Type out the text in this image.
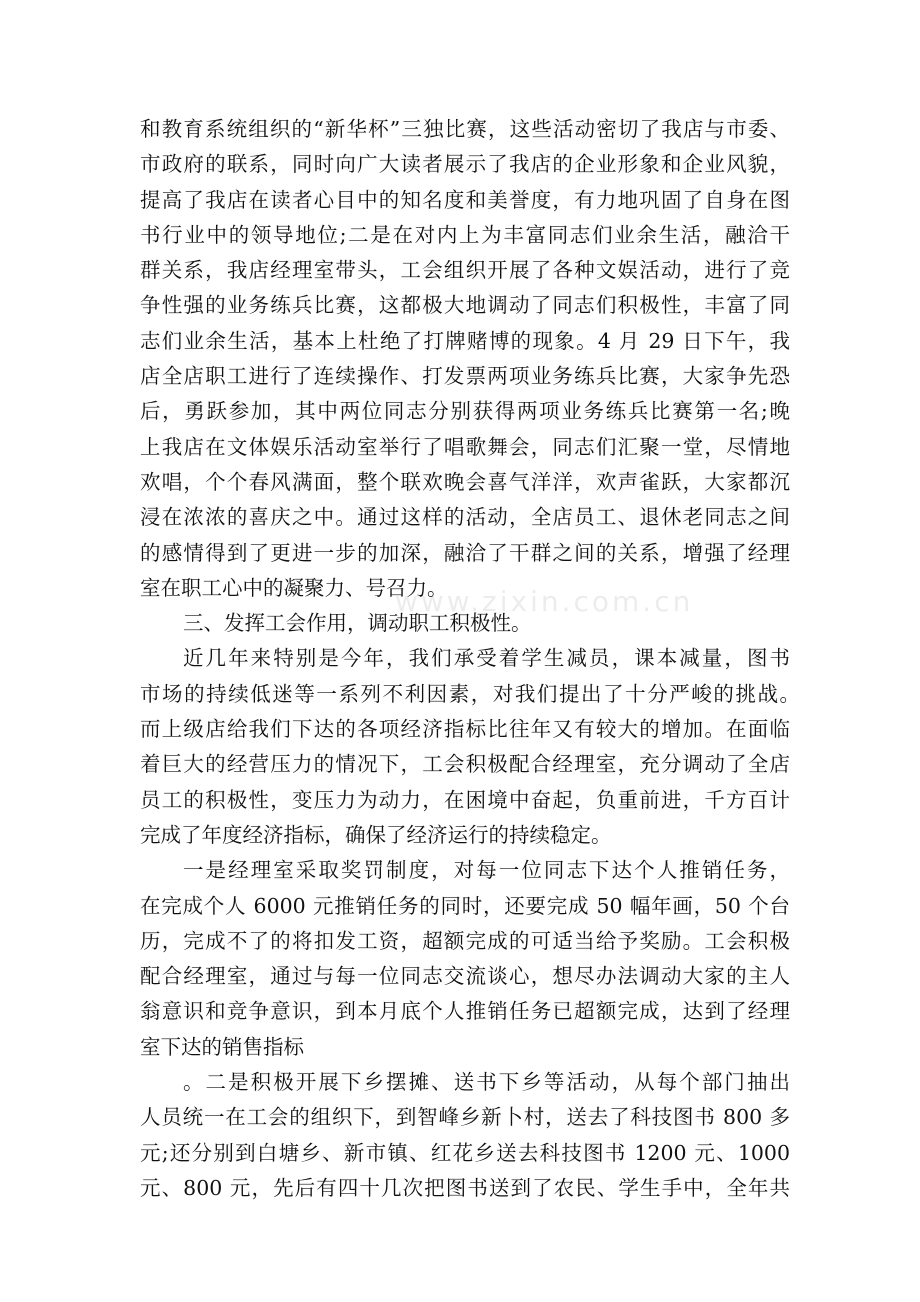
和教育系统组织的“新华杯”三独比赛，这些活动密切了我店与市委、
市政府的联系，同时向广大读者展示了我店的企业形象和企业风貌，
提高了我店在读者心目中的知名度和美誉度，有力地巩固了自身在图
书行业中的领导地位;二是在对内上为丰富同志们业余生活，融洽干
群关系，我店经理室带头，工会组织开展了各种文娱活动，进行了竞
争性强的业务练兵比赛，这都极大地调动了同志们积极性，丰富了同
志们业余生活，基本上杜绝了打牌赌博的现象。4 月 29 日下午，我
店全店职工进行了连续操作、打发票两项业务练兵比赛，大家争先恐
后，勇跃参加，其中两位同志分别获得两项业务练兵比赛第一名;晚
上我店在文体娱乐活动室举行了唱歌舞会，同志们汇聚一堂，尽情地
欢唱，个个春风满面，整个联欢晚会喜气洋洋，欢声雀跃，大家都沉
浸在浓浓的喜庆之中。通过这样的活动，全店员工、退休老同志之间
的感情得到了更进一步的加深，融洽了干群之间的关系，增强了经理
室在职工心中的凝聚力、号召力。
三、发挥工会作用，调动职工积极性。
近几年来特别是今年，我们承受着学生减员，课本减量，图书
市场的持续低迷等一系列不利因素，对我们提出了十分严峻的挑战。
而上级店给我们下达的各项经济指标比往年又有较大的增加。在面临
着巨大的经营压力的情况下，工会积极配合经理室，充分调动了全店
员工的积极性，变压力为动力，在困境中奋起，负重前进，千方百计
完成了年度经济指标，确保了经济运行的持续稳定。
一是经理室采取奖罚制度，对每一位同志下达个人推销任务，
在完成个人 6000 元推销任务的同时，还要完成 50 幅年画，50 个台
历，完成不了的将扣发工资，超额完成的可适当给予奖励。工会积极
配合经理室，通过与每一位同志交流谈心，想尽办法调动大家的主人
翁意识和竞争意识，到本月底个人推销任务已超额完成，达到了经理
室下达的销售指标
。二是积极开展下乡摆摊、送书下乡等活动，从每个部门抽出
人员统一在工会的组织下，到智峰乡新卜村，送去了科技图书 800 多
元;还分别到白塘乡、新市镇、红花乡送去科技图书 1200 元、1000
元、800 元，先后有四十几次把图书送到了农民、学生手中，全年共
www.zixin.com.cn
